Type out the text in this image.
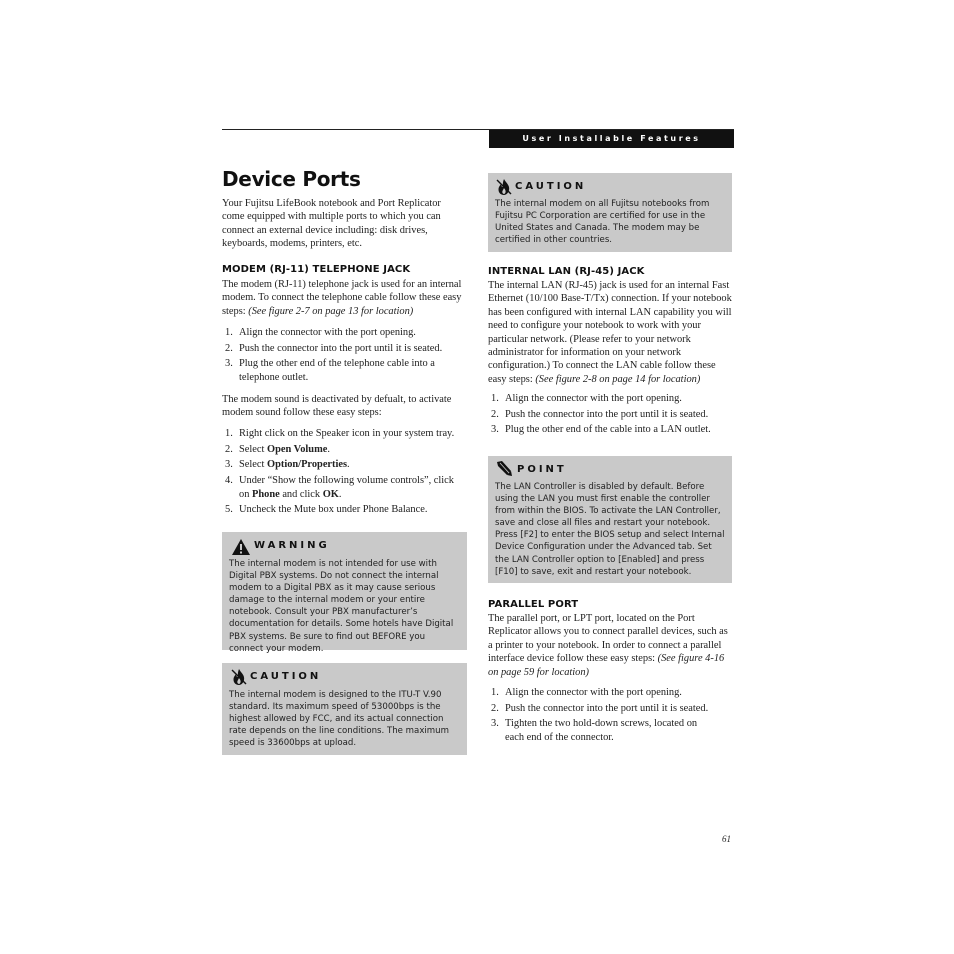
User Installable Features
Device Ports

Your Fujitsu LifeBook notebook and Port Replicator come equipped with multiple ports to which you can connect an external device including: disk drives, keyboards, modems, printers, etc.

MODEM (RJ-11) TELEPHONE JACK

The modem (RJ-11) telephone jack is used for an internal modem. To connect the telephone cable follow these easy steps: (See figure 2-7 on page 13 for location)

1. Align the connector with the port opening.
2. Push the connector into the port until it is seated.
3. Plug the other end of the telephone cable into a telephone outlet.

The modem sound is deactivated by defualt, to activate modem sound follow these easy steps:

1. Right click on the Speaker icon in your system tray.
2. Select Open Volume.
3. Select Option/Properties.
4. Under “Show the following volume controls”, click on Phone and click OK.
5. Uncheck the Mute box under Phone Balance.
WARNING
The internal modem is not intended for use with Digital PBX systems. Do not connect the internal modem to a Digital PBX as it may cause serious damage to the internal modem or your entire notebook. Consult your PBX manufacturer’s documentation for details. Some hotels have Digital PBX systems. Be sure to find out BEFORE you connect your modem.
CAUTION
The internal modem is designed to the ITU-T V.90 standard. Its maximum speed of 53000bps is the highest allowed by FCC, and its actual connection rate depends on the line conditions. The maximum speed is 33600bps at upload.
CAUTION
The internal modem on all Fujitsu notebooks from Fujitsu PC Corporation are certified for use in the United States and Canada. The modem may be certified in other countries.

INTERNAL LAN (RJ-45) JACK

The internal LAN (RJ-45) jack is used for an internal Fast Ethernet (10/100 Base-T/Tx) connection. If your notebook has been configured with internal LAN capability you will need to configure your notebook to work with your particular network. (Please refer to your network administrator for information on your network configuration.) To connect the LAN cable follow these easy steps: (See figure 2-8 on page 14 for location)

1. Align the connector with the port opening.
2. Push the connector into the port until it is seated.
3. Plug the other end of the cable into a LAN outlet.
POINT
The LAN Controller is disabled by default. Before using the LAN you must first enable the controller from within the BIOS. To activate the LAN Controller, save and close all files and restart your notebook. Press [F2] to enter the BIOS setup and select Internal Device Configuration under the Advanced tab. Set the LAN Controller option to [Enabled] and press [F10] to save, exit and restart your notebook.

PARALLEL PORT

The parallel port, or LPT port, located on the Port Replicator allows you to connect parallel devices, such as a printer to your notebook. In order to connect a parallel interface device follow these easy steps: (See figure 4-16 on page 59 for location)

1. Align the connector with the port opening.
2. Push the connector into the port until it is seated.
3. Tighten the two hold-down screws, located on each end of the connector.
61
